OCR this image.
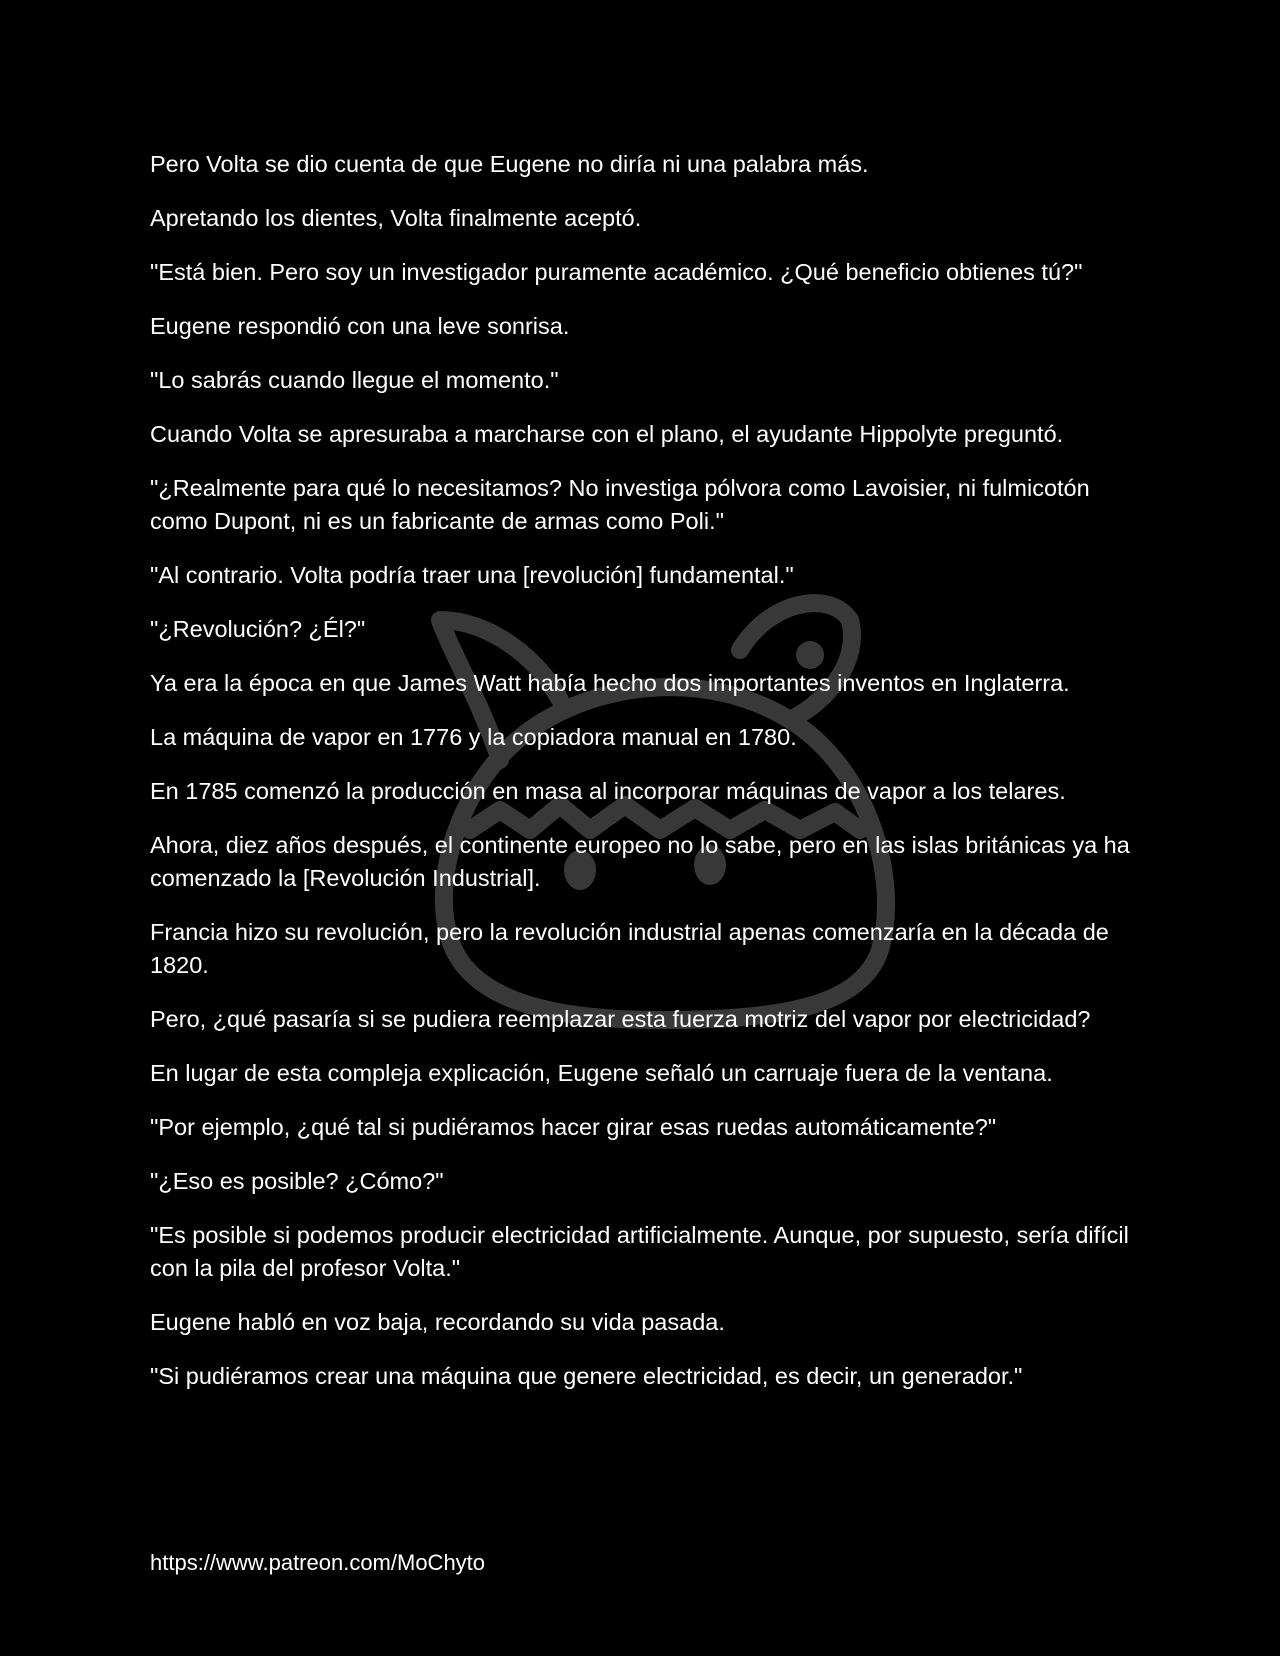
Pero Volta se dio cuenta de que Eugene no diría ni una palabra más.

Apretando los dientes, Volta finalmente aceptó.

"Está bien. Pero soy un investigador puramente académico. ¿Qué beneficio obtienes tú?"

Eugene respondió con una leve sonrisa.

"Lo sabrás cuando llegue el momento."

Cuando Volta se apresuraba a marcharse con el plano, el ayudante Hippolyte preguntó.

"¿Realmente para qué lo necesitamos? No investiga pólvora como Lavoisier, ni fulmicotón como Dupont, ni es un fabricante de armas como Poli."

"Al contrario. Volta podría traer una [revolución] fundamental."

"¿Revolución? ¿Él?"

Ya era la época en que James Watt había hecho dos importantes inventos en Inglaterra.

La máquina de vapor en 1776 y la copiadora manual en 1780.

En 1785 comenzó la producción en masa al incorporar máquinas de vapor a los telares.

Ahora, diez años después, el continente europeo no lo sabe, pero en las islas británicas ya ha comenzado la [Revolución Industrial].

Francia hizo su revolución, pero la revolución industrial apenas comenzaría en la década de 1820.

Pero, ¿qué pasaría si se pudiera reemplazar esta fuerza motriz del vapor por electricidad?

En lugar de esta compleja explicación, Eugene señaló un carruaje fuera de la ventana.

"Por ejemplo, ¿qué tal si pudiéramos hacer girar esas ruedas automáticamente?"

"¿Eso es posible? ¿Cómo?"

"Es posible si podemos producir electricidad artificialmente. Aunque, por supuesto, sería difícil con la pila del profesor Volta."

Eugene habló en voz baja, recordando su vida pasada.

"Si pudiéramos crear una máquina que genere electricidad, es decir, un generador."

https://www.patreon.com/MoChyto
